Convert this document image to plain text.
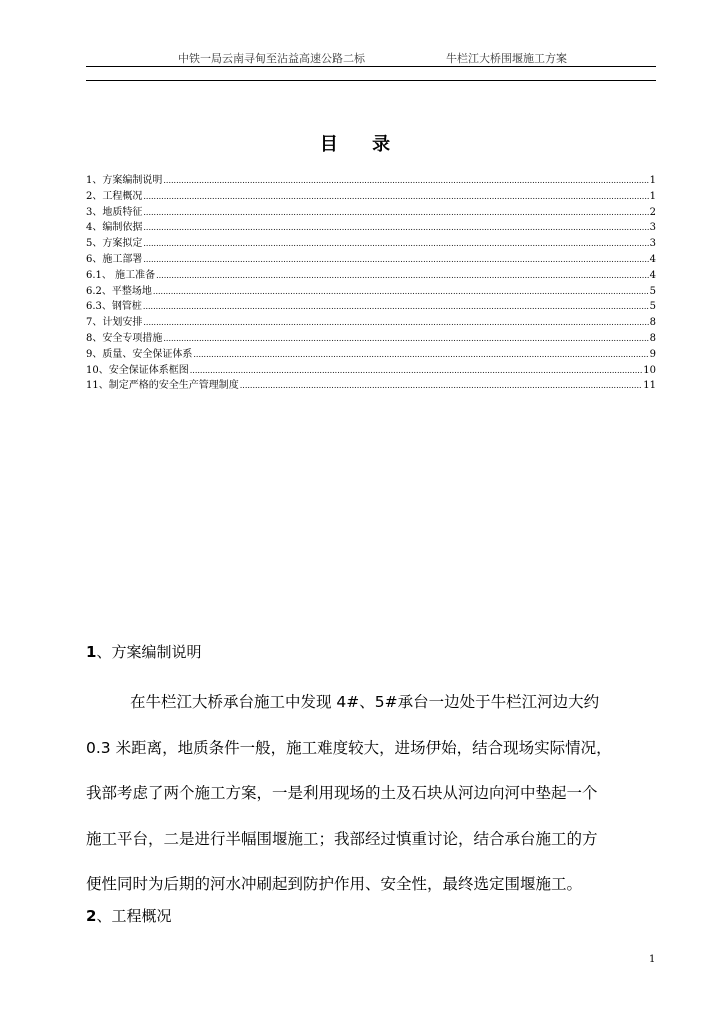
中铁一局云南寻甸至沾益高速公路二标	牛栏江大桥围堰施工方案
目 录
1、方案编制说明 .....	1
2、工程概况 .....	1
3、地质特征 .....	2
4、编制依据 .....	3
5、方案拟定 .....	3
6、施工部署 .....	4
6.1、 施工准备 .....	4
6.2、平整场地 .....	5
6.3、钢管桩 .....	5
7、计划安排 .....	8
8、安全专项措施 .....	8
9、质量、安全保证体系 .....	9
10、安全保证体系框图 .....	10
11、制定严格的安全生产管理制度 .....	11
1、方案编制说明
在牛栏江大桥承台施工中发现 4#、5#承台一边处于牛栏江河边大约
0.3 米距离，地质条件一般，施工难度较大，进场伊始，结合现场实际情况，
我部考虑了两个施工方案，一是利用现场的土及石块从河边向河中垫起一个
施工平台，二是进行半幅围堰施工；我部经过慎重讨论，结合承台施工的方
便性同时为后期的河水冲刷起到防护作用、安全性，最终选定围堰施工。
2、工程概况
1
